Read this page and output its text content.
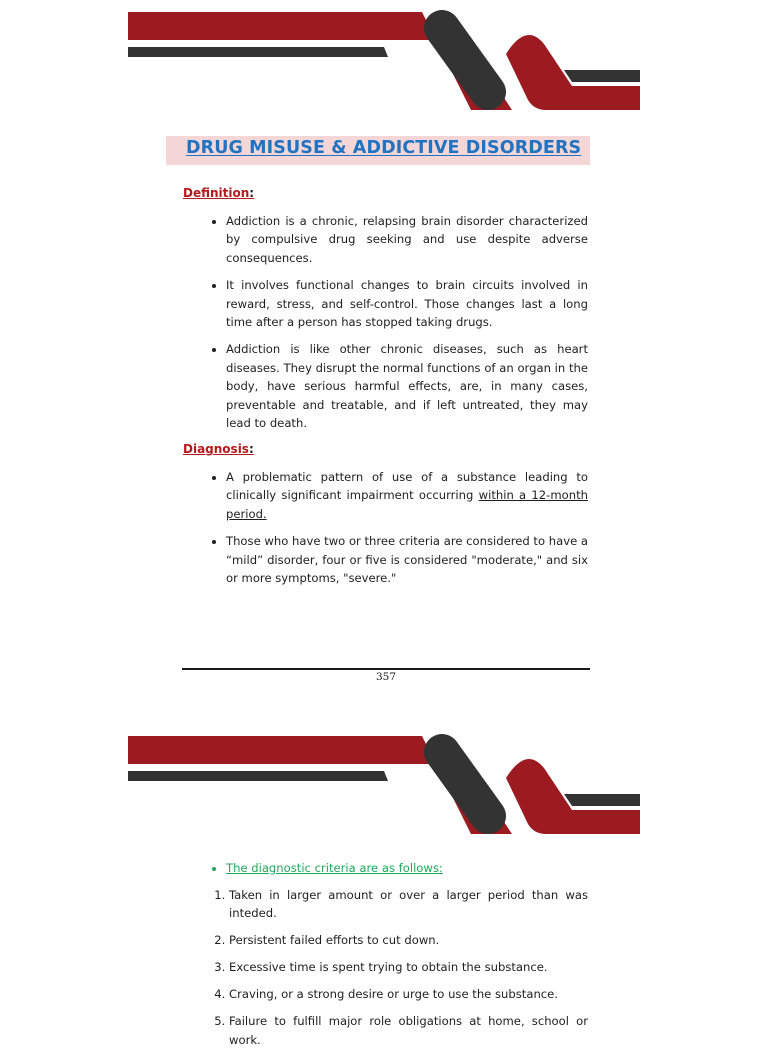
DRUG MISUSE & ADDICTIVE DISORDERS
Definition:
• Addiction is a chronic, relapsing brain disorder characterized by compulsive drug seeking and use despite adverse consequences.
• It involves functional changes to brain circuits involved in reward, stress, and self-control. Those changes last a long time after a person has stopped taking drugs.
• Addiction is like other chronic diseases, such as heart diseases. They disrupt the normal functions of an organ in the body, have serious harmful effects, are, in many cases, preventable and treatable, and if left untreated, they may lead to death.
Diagnosis:
• A problematic pattern of use of a substance leading to clinically significant impairment occurring within a 12-month period.
• Those who have two or three criteria are considered to have a “mild” disorder, four or five is considered "moderate," and six or more symptoms, "severe."
357
• The diagnostic criteria are as follows:
1. Taken in larger amount or over a larger period than was inteded.
2. Persistent failed efforts to cut down.
3. Excessive time is spent trying to obtain the substance.
4. Craving, or a strong desire or urge to use the substance.
5. Failure to fulfill major role obligations at home, school or work.
